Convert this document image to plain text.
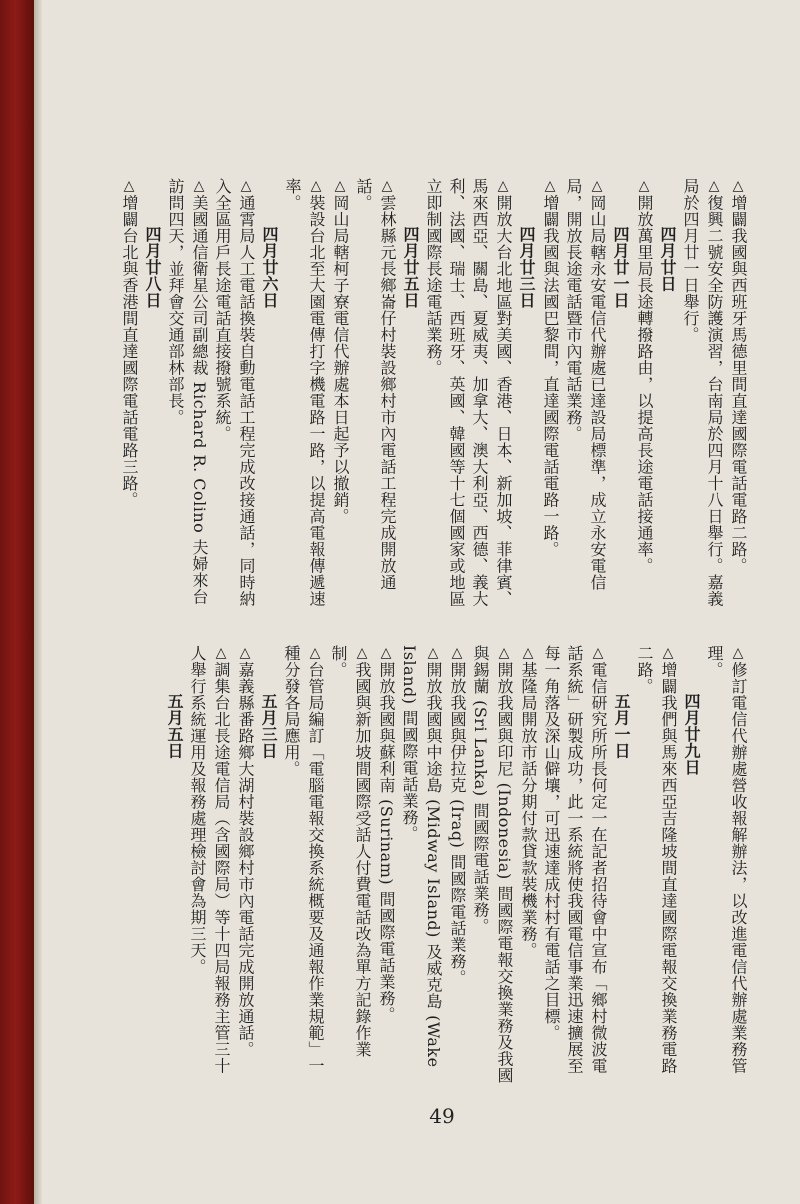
△增闢我國與西班牙馬德里間直達國際電話電路二路。

△復興二號安全防護演習，台南局於四月十八日舉行。嘉義局於四月廿一日舉行。

四月廿日

△開放萬里局長途轉撥路由，以提高長途電話接通率。

四月廿一日

△岡山局轄永安電信代辦處已達設局標準，成立永安電信局，開放長途電話暨市內電話業務。

△增闢我國與法國巴黎間，直達國際電話電路一路。

四月廿三日

△開放大台北地區對美國、香港、日本、新加坡、菲律賓、馬來西亞、關島、夏威夷、加拿大、澳大利亞、西德、義大利、法國、瑞士、西班牙、英國、韓國等十七個國家或地區立即制國際長途電話業務。

四月廿五日

△雲林縣元長鄉崙仔村裝設鄉村市內電話工程完成開放通話。

△岡山局轄柯子寮電信代辦處本日起予以撤銷。

△裝設台北至大園電傳打字機電路一路，以提高電報傳遞速率。

四月廿六日

△通霄局人工電話換裝自動電話工程完成改接通話，同時納入全區用戶長途電話直接撥號系統。

△美國通信衛星公司副總裁 Richard R. Colino 夫婦來台訪問四天，並拜會交通部林部長。

四月廿八日

△增闢台北與香港間直達國際電話電路三路。

△修訂電信代辦處營收報解辦法，以改進電信代辦處業務管理。

四月廿九日

△增闢我們與馬來西亞吉隆坡間直達國際電報交換業務電路二路。

五月一日

△電信研究所所長何定一在記者招待會中宣布「鄉村微波電話系統」研製成功，此一系統將使我國電信事業迅速擴展至每一角落及深山僻壤，可迅速達成村村有電話之目標。

△基隆局開放市話分期付款貸款裝機業務。

△開放我國與印尼 (Indonesia) 間國際電報交換業務及我國與錫蘭 (Sri Lanka) 間國際電話業務。

△開放我國與伊拉克 (Iraq) 間國際電話業務。

△開放我國與中途島 (Midway Island) 及威克島 (Wake Island) 間國際電話業務。

△開放我國與蘇利南 (Surinam) 間國際電話業務。

△我國與新加坡間國際受話人付費電話改為單方記錄作業制。

△台管局編訂「電腦電報交換系統概要及通報作業規範」一種分發各局應用。

五月三日

△嘉義縣番路鄉大湖村裝設鄉村市內電話完成開放通話。

△調集台北長途電信局（含國際局）等十四局報務主管三十人舉行系統運用及報務處理檢討會為期三天。

五月五日

49
